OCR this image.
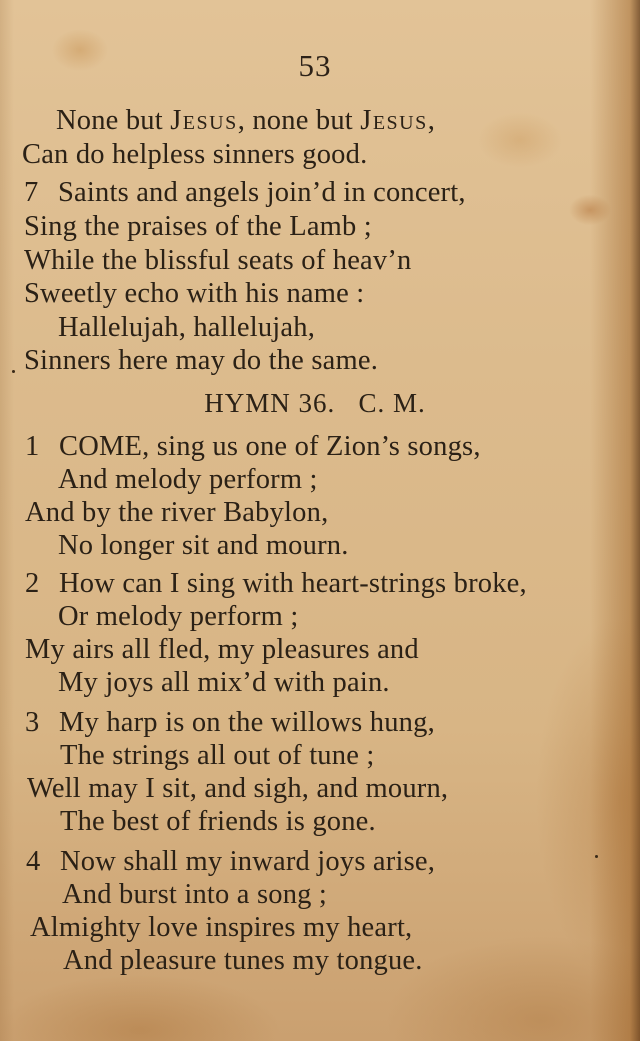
53
None but Jesus, none but Jesus,
Can do helpless sinners good.
7 Saints and angels join’d in concert,
Sing the praises of the Lamb ;
While the blissful seats of heav’n
Sweetly echo with his name :
Hallelujah, hallelujah,
Sinners here may do the same.
HYMN 36.   C. M.
1 COME, sing us one of Zion’s songs,
And melody perform ;
And by the river Babylon,
No longer sit and mourn.
2 How can I sing with heart-strings broke,
Or melody perform ;
My airs all fled, my pleasures and
My joys all mix’d with pain.
3 My harp is on the willows hung,
The strings all out of tune ;
Well may I sit, and sigh, and mourn,
The best of friends is gone.
4 Now shall my inward joys arise,
And burst into a song ;
Almighty love inspires my heart,
And pleasure tunes my tongue.
